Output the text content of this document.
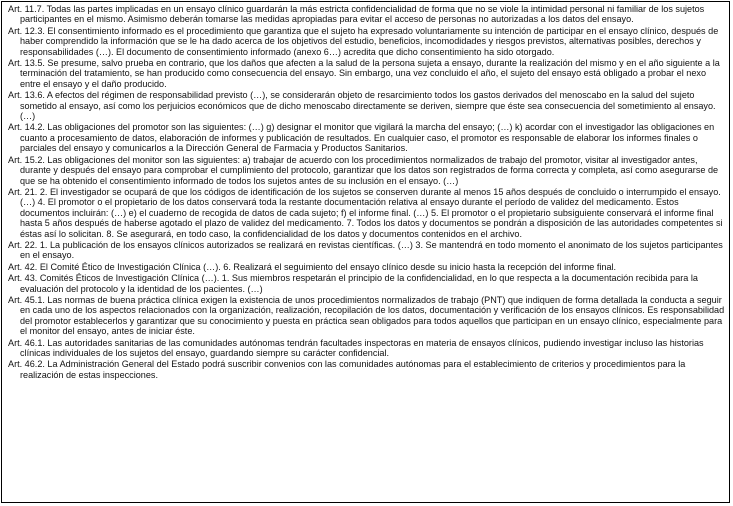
Art. 11.7. Todas las partes implicadas en un ensayo clínico guardarán la más estricta confidencialidad de forma que no se viole la intimidad personal ni familiar de los sujetos participantes en el mismo. Asimismo deberán tomarse las medidas apropiadas para evitar el acceso de personas no autorizadas a los datos del ensayo.

Art. 12.3. El consentimiento informado es el procedimiento que garantiza que el sujeto ha expresado voluntariamente su intención de participar en el ensayo clínico, después de haber comprendido la información que se le ha dado acerca de los objetivos del estudio, beneficios, incomodidades y riesgos previstos, alternativas posibles, derechos y responsabilidades (…). El documento de consentimiento informado (anexo 6…) acredita que dicho consentimiento ha sido otorgado.

Art. 13.5. Se presume, salvo prueba en contrario, que los daños que afecten a la salud de la persona sujeta a ensayo, durante la realización del mismo y en el año siguiente a la terminación del tratamiento, se han producido como consecuencia del ensayo. Sin embargo, una vez concluido el año, el sujeto del ensayo está obligado a probar el nexo entre el ensayo y el daño producido.

Art. 13.6. A efectos del régimen de responsabilidad previsto (…), se considerarán objeto de resarcimiento todos los gastos derivados del menoscabo en la salud del sujeto sometido al ensayo, así como los perjuicios económicos que de dicho menoscabo directamente se deriven, siempre que éste sea consecuencia del sometimiento al ensayo. (…)

Art. 14.2. Las obligaciones del promotor son las siguientes: (…) g) designar el monitor que vigilará la marcha del ensayo; (…) k) acordar con el investigador las obligaciones en cuanto a procesamiento de datos, elaboración de informes y publicación de resultados. En cualquier caso, el promotor es responsable de elaborar los informes finales o parciales del ensayo y comunicarlos a la Dirección General de Farmacia y Productos Sanitarios.

Art. 15.2. Las obligaciones del monitor son las siguientes: a) trabajar de acuerdo con los procedimientos normalizados de trabajo del promotor, visitar al investigador antes, durante y después del ensayo para comprobar el cumplimiento del protocolo, garantizar que los datos son registrados de forma correcta y completa, así como asegurarse de que se ha obtenido el consentimiento informado de todos los sujetos antes de su inclusión en el ensayo. (…)

Art. 21. 2. El investigador se ocupará de que los códigos de identificación de los sujetos se conserven durante al menos 15 años después de concluido o interrumpido el ensayo. (…) 4. El promotor o el propietario de los datos conservará toda la restante documentación relativa al ensayo durante el período de validez del medicamento. Estos documentos incluirán: (…) e) el cuaderno de recogida de datos de cada sujeto; f) el informe final. (…) 5. El promotor o el propietario subsiguiente conservará el informe final hasta 5 años después de haberse agotado el plazo de validez del medicamento. 7. Todos los datos y documentos se pondrán a disposición de las autoridades competentes si éstas así lo solicitan. 8. Se asegurará, en todo caso, la confidencialidad de los datos y documentos contenidos en el archivo.

Art. 22. 1. La publicación de los ensayos clínicos autorizados se realizará en revistas científicas. (…) 3. Se mantendrá en todo momento el anonimato de los sujetos participantes en el ensayo.

Art. 42. El Comité Ético de Investigación Clínica (…). 6. Realizará el seguimiento del ensayo clínico desde su inicio hasta la recepción del informe final.

Art. 43. Comités Éticos de Investigación Clínica (…). 1. Sus miembros respetarán el principio de la confidencialidad, en lo que respecta a la documentación recibida para la evaluación del protocolo y la identidad de los pacientes. (…)

Art. 45.1. Las normas de buena práctica clínica exigen la existencia de unos procedimientos normalizados de trabajo (PNT) que indiquen de forma detallada la conducta a seguir en cada uno de los aspectos relacionados con la organización, realización, recopilación de los datos, documentación y verificación de los ensayos clínicos. Es responsabilidad del promotor establecerlos y garantizar que su conocimiento y puesta en práctica sean obligados para todos aquellos que participan en un ensayo clínico, especialmente para el monitor del ensayo, antes de iniciar éste.

Art. 46.1. Las autoridades sanitarias de las comunidades autónomas tendrán facultades inspectoras en materia de ensayos clínicos, pudiendo investigar incluso las historias clínicas individuales de los sujetos del ensayo, guardando siempre su carácter confidencial.

Art. 46.2. La Administración General del Estado podrá suscribir convenios con las comunidades autónomas para el establecimiento de criterios y procedimientos para la realización de estas inspecciones.
